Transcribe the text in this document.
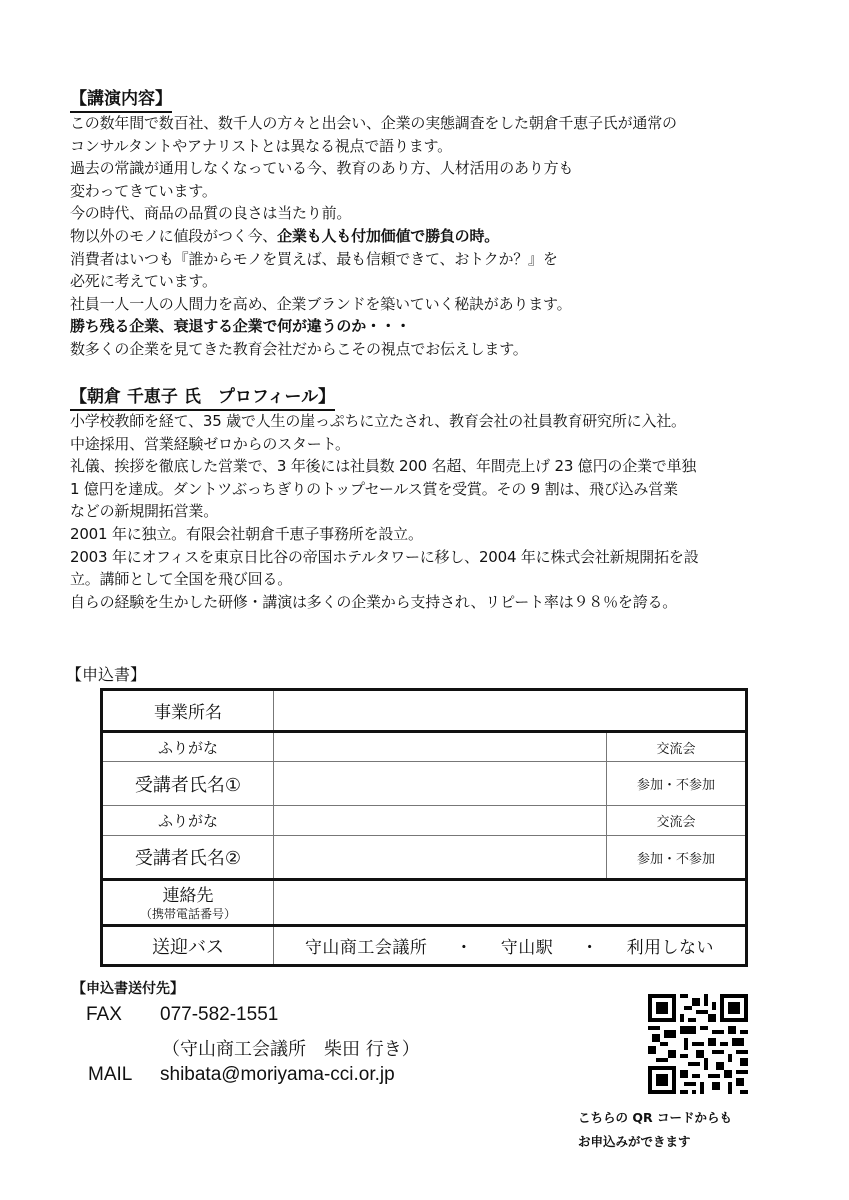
【講演内容】
この数年間で数百社、数千人の方々と出会い、企業の実態調査をした朝倉千恵子氏が通常の
コンサルタントやアナリストとは異なる視点で語ります。
過去の常識が通用しなくなっている今、教育のあり方、人材活用のあり方も
変わってきています。
今の時代、商品の品質の良さは当たり前。
物以外のモノに値段がつく今、企業も人も付加価値で勝負の時。
消費者はいつも『誰からモノを買えば、最も信頼できて、おトクか？』を
必死に考えています。
社員一人一人の人間力を高め、企業ブランドを築いていく秘訣があります。
勝ち残る企業、衰退する企業で何が違うのか・・・
数多くの企業を見てきた教育会社だからこその視点でお伝えします。
【朝倉 千恵子 氏　プロフィール】
小学校教師を経て、35 歳で人生の崖っぷちに立たされ、教育会社の社員教育研究所に入社。
中途採用、営業経験ゼロからのスタート。
礼儀、挨拶を徹底した営業で、3 年後には社員数 200 名超、年間売上げ 23 億円の企業で単独
1 億円を達成。ダントツぶっちぎりのトップセールス賞を受賞。その 9 割は、飛び込み営業
などの新規開拓営業。
2001 年に独立。有限会社朝倉千恵子事務所を設立。
2003 年にオフィスを東京日比谷の帝国ホテルタワーに移し、2004 年に株式会社新規開拓を設
立。講師として全国を飛び回る。
自らの経験を生かした研修・講演は多くの企業から支持され、リピート率は９８％を誇る。
【申込書】
事業所名		
ふりがな		交流会
受講者氏名①		参加・不参加
ふりがな		交流会
受講者氏名②		参加・不参加

連絡先
（携帯電話番号）		

送迎バス	守山商工会議所 ・ 守山駅 ・ 利用しない	
【申込書送付先】
FAX 077-582-1551
（守山商工会議所　柴田 行き）
MAIL shibata@moriyama-cci.or.jp
こちらの QR コードからも
お申込みができます
